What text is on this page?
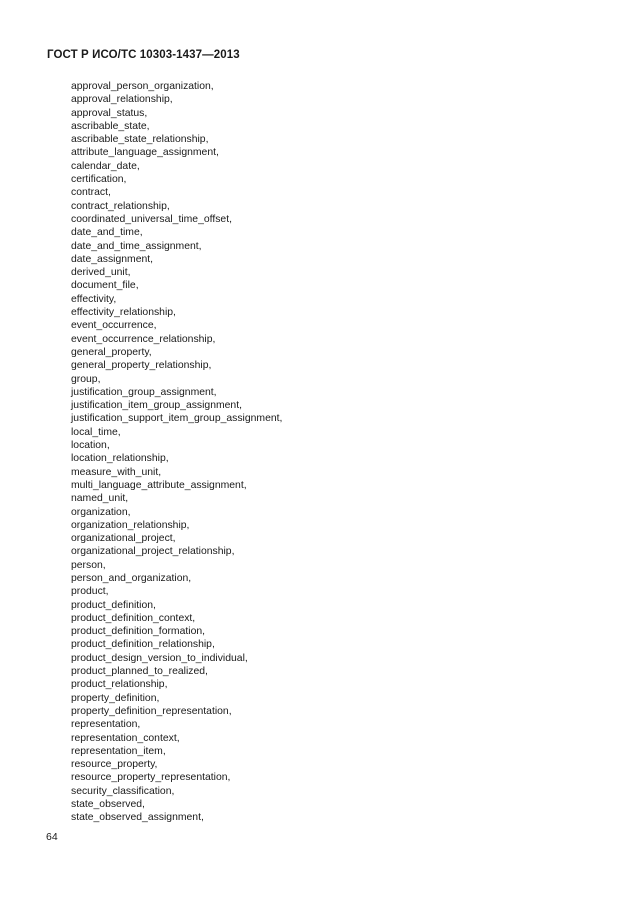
ГОСТ Р ИСО/ТС 10303-1437—2013
approval_person_organization,
approval_relationship,
approval_status,
ascribable_state,
ascribable_state_relationship,
attribute_language_assignment,
calendar_date,
certification,
contract,
contract_relationship,
coordinated_universal_time_offset,
date_and_time,
date_and_time_assignment,
date_assignment,
derived_unit,
document_file,
effectivity,
effectivity_relationship,
event_occurrence,
event_occurrence_relationship,
general_property,
general_property_relationship,
group,
justification_group_assignment,
justification_item_group_assignment,
justification_support_item_group_assignment,
local_time,
location,
location_relationship,
measure_with_unit,
multi_language_attribute_assignment,
named_unit,
organization,
organization_relationship,
organizational_project,
organizational_project_relationship,
person,
person_and_organization,
product,
product_definition,
product_definition_context,
product_definition_formation,
product_definition_relationship,
product_design_version_to_individual,
product_planned_to_realized,
product_relationship,
property_definition,
property_definition_representation,
representation,
representation_context,
representation_item,
resource_property,
resource_property_representation,
security_classification,
state_observed,
state_observed_assignment,
64
